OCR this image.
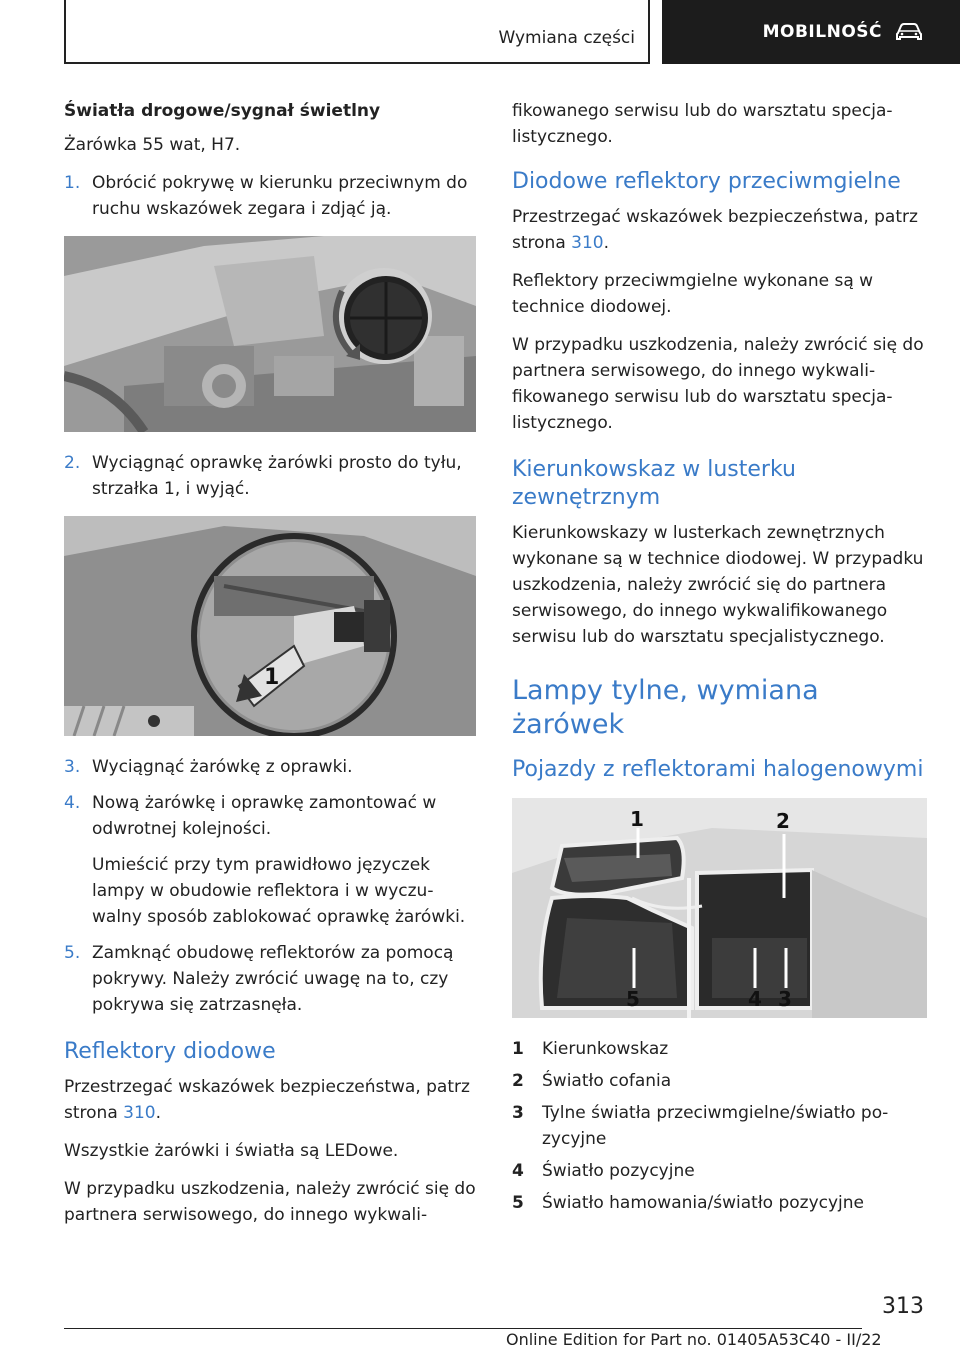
Wymiana części	MOBILNOŚĆ

Światła drogowe/sygnał świetlny

Żarówka 55 wat, H7.

1. Obrócić pokrywę w kierunku przeciwnym do ruchu wskazówek zegara i zdjąć ją.
2. Wyciągnąć oprawkę żarówki prosto do tyłu, strzałka 1, i wyjąć.
1
3. Wyciągnąć żarówkę z oprawki.
4. Nową żarówkę i oprawkę zamontować w odwrotnej kolejności.

Umieścić przy tym prawidłowo języczek lampy w obudowie reflektora i w wyczuwalny sposób zablokować oprawkę żarówki.

5. Zamknąć obudowę reflektorów za pomocą pokrywy. Należy zwrócić uwagę na to, czy pokrywa się zatrzasnęła.
Reflektory diodowe

Przestrzegać wskazówek bezpieczeństwa, patrz strona 310.

Wszystkie żarówki i światła są LEDowe.

W przypadku uszkodzenia, należy zwrócić się do partnera serwisowego, do innego wykwali-

fikowanego serwisu lub do warsztatu specjalistycznego.

Diodowe reflektory przeciwmgielne

Przestrzegać wskazówek bezpieczeństwa, patrz strona 310.

Reflektory przeciwmgielne wykonane są w technice diodowej.

W przypadku uszkodzenia, należy zwrócić się do partnera serwisowego, do innego wykwalifikowanego serwisu lub do warsztatu specjalistycznego.

Kierunkowskaz w lusterku zewnętrznym

Kierunkowskazy w lusterkach zewnętrznych wykonane są w technice diodowej. W przypadku uszkodzenia, należy zwrócić się do partnera serwisowego, do innego wykwalifikowanego serwisu lub do warsztatu specjalistycznego.

Lampy tylne, wymiana żarówek
Pojazdy z reflektorami halogenowymi
1	2
3
4
5
1	Kierunkowskaz
2	Światło cofania
3	Tylne światła przeciwmgielne/światło pozycyjne
4	Światło pozycyjne
5	Światło hamowania/światło pozycyjne
313
Online Edition for Part no. 01405A53C40 - II/22
